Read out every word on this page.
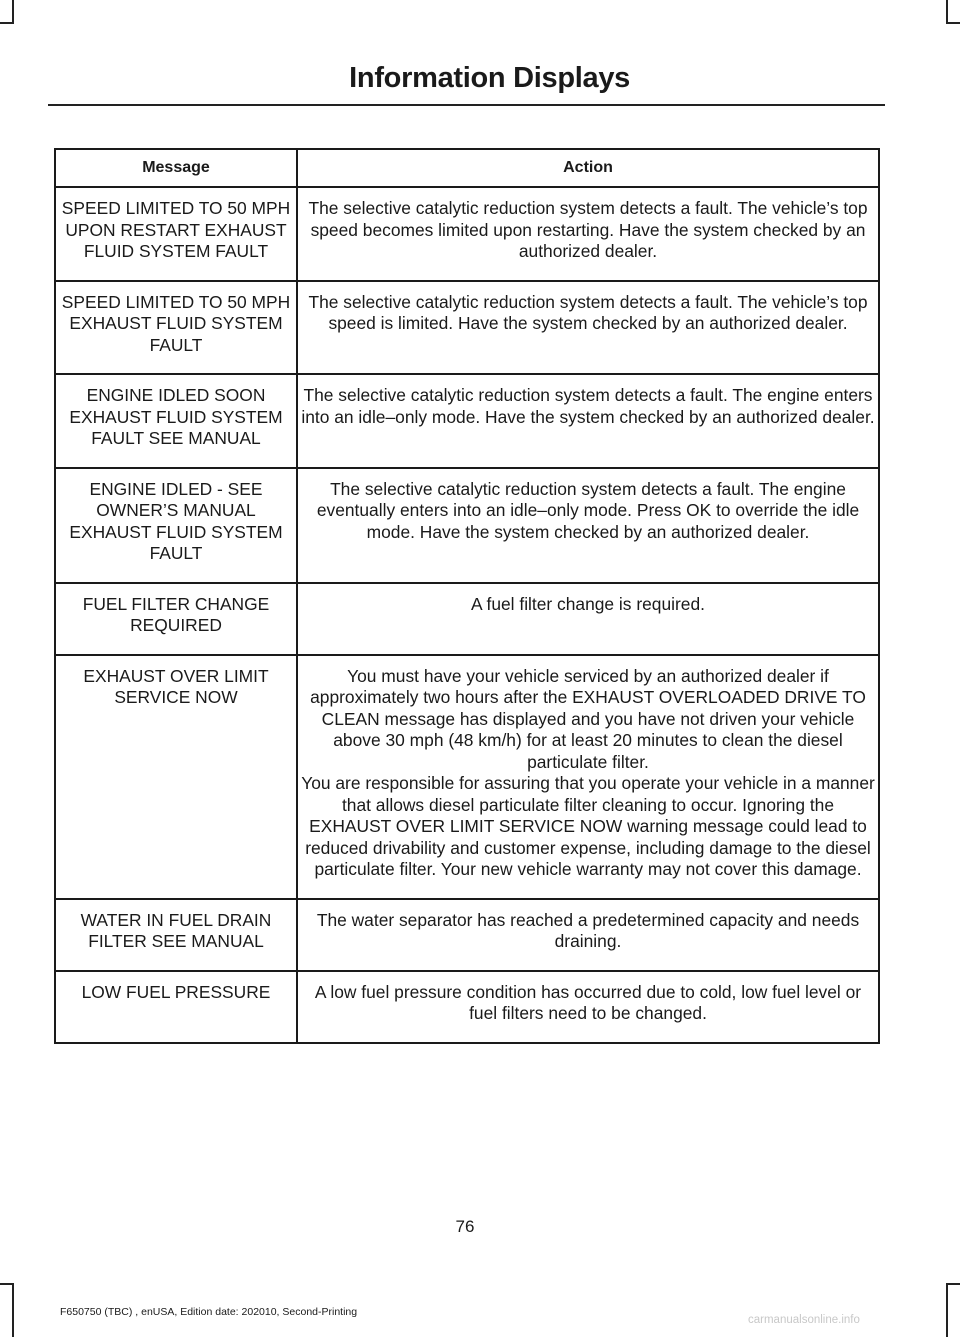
Information Displays
Message	Action
SPEED LIMITED TO 50 MPH UPON RESTART EXHAUST FLUID SYSTEM FAULT	The selective catalytic reduction system detects a fault. The vehicle’s top speed becomes limited upon restarting. Have the system checked by an authorized dealer.

SPEED LIMITED TO 50 MPH EXHAUST FLUID SYSTEM FAULT	The selective catalytic reduction system detects a fault. The vehicle’s top speed is limited. Have the system checked by an authorized dealer.

ENGINE IDLED SOON EXHAUST FLUID SYSTEM FAULT SEE MANUAL	The selective catalytic reduction system detects a fault. The engine enters into an idle–only mode. Have the system checked by an authorized dealer.

ENGINE IDLED - SEE OWNER’S MANUAL EXHAUST FLUID SYSTEM FAULT	The selective catalytic reduction system detects a fault. The engine eventually enters into an idle–only mode. Press OK to override the idle mode. Have the system checked by an authorized dealer.

FUEL FILTER CHANGE REQUIRED	A fuel filter change is required.

EXHAUST OVER LIMIT SERVICE NOW	You must have your vehicle serviced by an authorized dealer if approximately two hours after the EXHAUST OVERLOADED DRIVE TO CLEAN message has displayed and you have not driven your vehicle above 30 mph (48 km/h) for at least 20 minutes to clean the diesel particulate filter.

You are responsible for assuring that you operate your vehicle in a manner that allows diesel particulate filter cleaning to occur. Ignoring the EXHAUST OVER LIMIT SERVICE NOW warning message could lead to reduced drivability and customer expense, including damage to the diesel particulate filter. Your new vehicle warranty may not cover this damage.

WATER IN FUEL DRAIN FILTER SEE MANUAL	The water separator has reached a predetermined capacity and needs draining.

LOW FUEL PRESSURE	A low fuel pressure condition has occurred due to cold, low fuel level or fuel filters need to be changed.

76
F650750 (TBC) , enUSA, Edition date: 202010, Second-Printing
carmanualsonline.info
